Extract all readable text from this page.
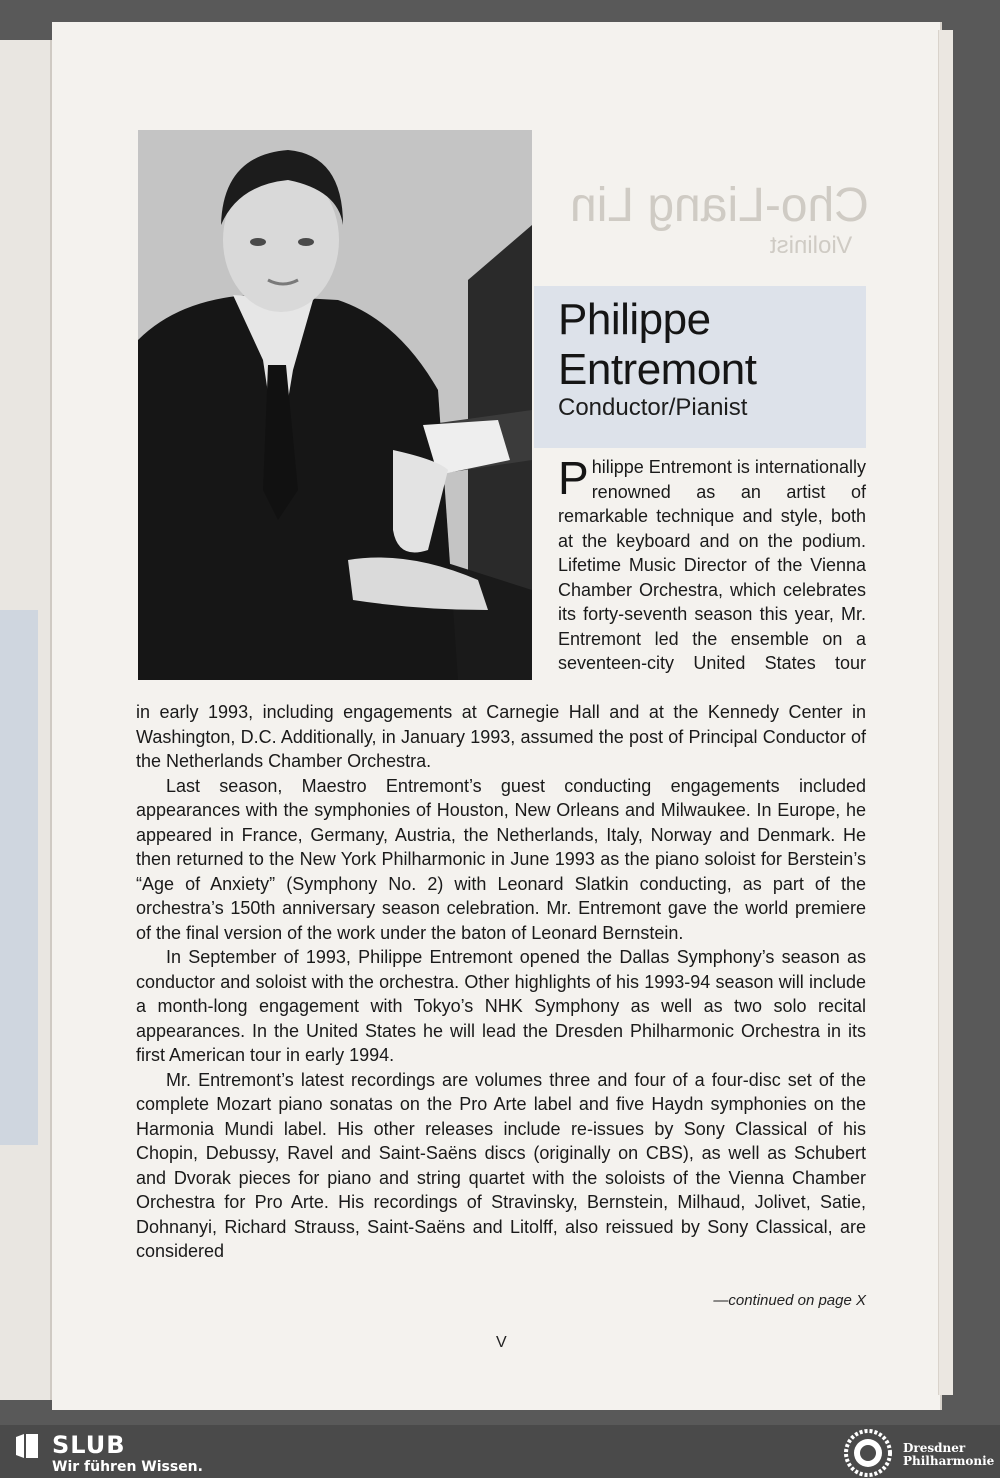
Cho-Liang Lin
Violinist
Philippe
Entremont
Conductor/Pianist
Philippe Entremont is internationally renowned as an artist of remarkable technique and style, both at the keyboard and on the podium. Lifetime Music Director of the Vienna Chamber Orchestra, which celebrates its forty-seventh season this year, Mr. Entremont led the ensemble on a seventeen-city United States tour

in early 1993, including engagements at Carnegie Hall and at the Kennedy Center in Washington, D.C. Additionally, in January 1993, assumed the post of Principal Conductor of the Netherlands Chamber Orchestra.

Last season, Maestro Entremont’s guest conducting engagements included appearances with the symphonies of Houston, New Orleans and Milwaukee. In Europe, he appeared in France, Germany, Austria, the Netherlands, Italy, Norway and Denmark. He then returned to the New York Philharmonic in June 1993 as the piano soloist for Berstein’s “Age of Anxiety” (Symphony No. 2) with Leonard Slatkin conducting, as part of the orchestra’s 150th anniversary season celebration. Mr. Entremont gave the world premiere of the final version of the work under the baton of Leonard Bernstein.

In September of 1993, Philippe Entremont opened the Dallas Symphony’s season as conductor and soloist with the orchestra. Other highlights of his 1993-94 season will include a month-long engagement with Tokyo’s NHK Symphony as well as two solo recital appearances. In the United States he will lead the Dresden Philharmonic Orchestra in its first American tour in early 1994.

Mr. Entremont’s latest recordings are volumes three and four of a four-disc set of the complete Mozart piano sonatas on the Pro Arte label and five Haydn symphonies on the Harmonia Mundi label. His other releases include re-issues by Sony Classical of his Chopin, Debussy, Ravel and Saint-Saëns discs (originally on CBS), as well as Schubert and Dvorak pieces for piano and string quartet with the soloists of the Vienna Chamber Orchestra for Pro Arte. His recordings of Stravinsky, Bernstein, Milhaud, Jolivet, Satie, Dohnanyi, Richard Strauss, Saint-Saëns and Litolff, also reissued by Sony Classical, are considered

—continued on page X
V
SLUB
Wir führen Wissen.
Dresdner
Philharmonie
